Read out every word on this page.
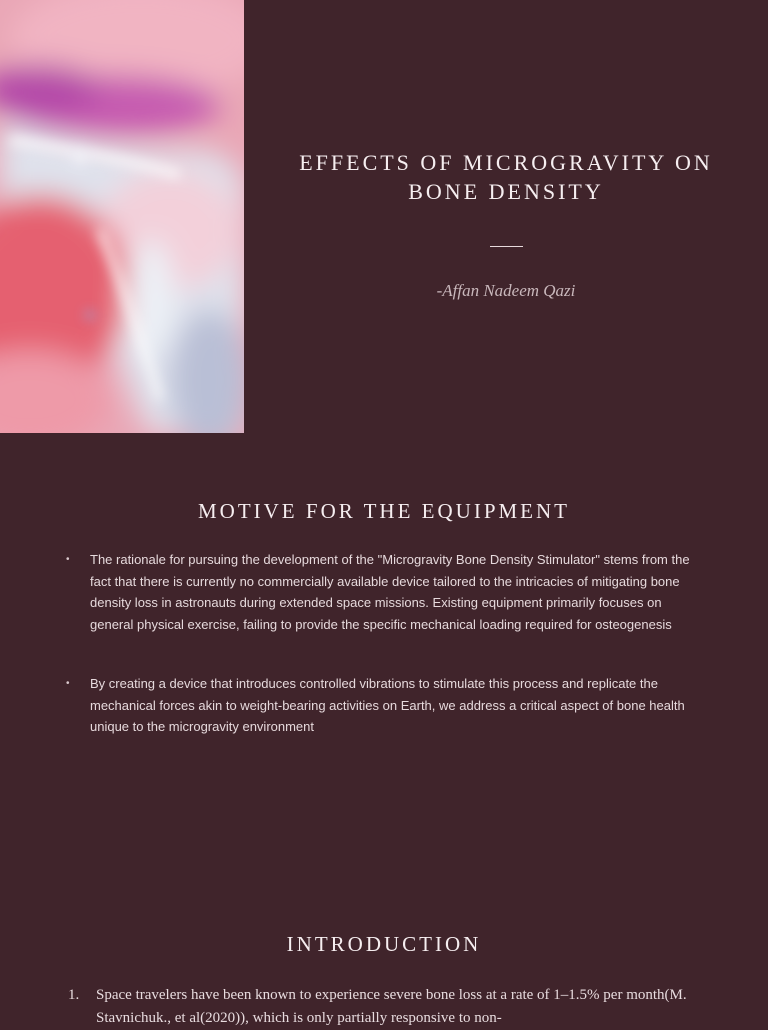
EFFECTS OF MICROGRAVITY ON BONE DENSITY
-Affan Nadeem Qazi
MOTIVE FOR THE EQUIPMENT
•	The rationale for pursuing the development of the "Microgravity Bone Density Stimulator" stems from the fact that there is currently no commercially available device tailored to the intricacies of mitigating bone density loss in astronauts during extended space missions. Existing equipment primarily focuses on general physical exercise, failing to provide the specific mechanical loading required for osteogenesis
•	By creating a device that introduces controlled vibrations to stimulate this process and replicate the mechanical forces akin to weight-bearing activities on Earth, we address a critical aspect of bone health unique to the microgravity environment
INTRODUCTION
1.	Space travelers have been known to experience severe bone loss at a rate of 1–1.5% per month(M. Stavnichuk., et al(2020)), which is only partially responsive to non-
